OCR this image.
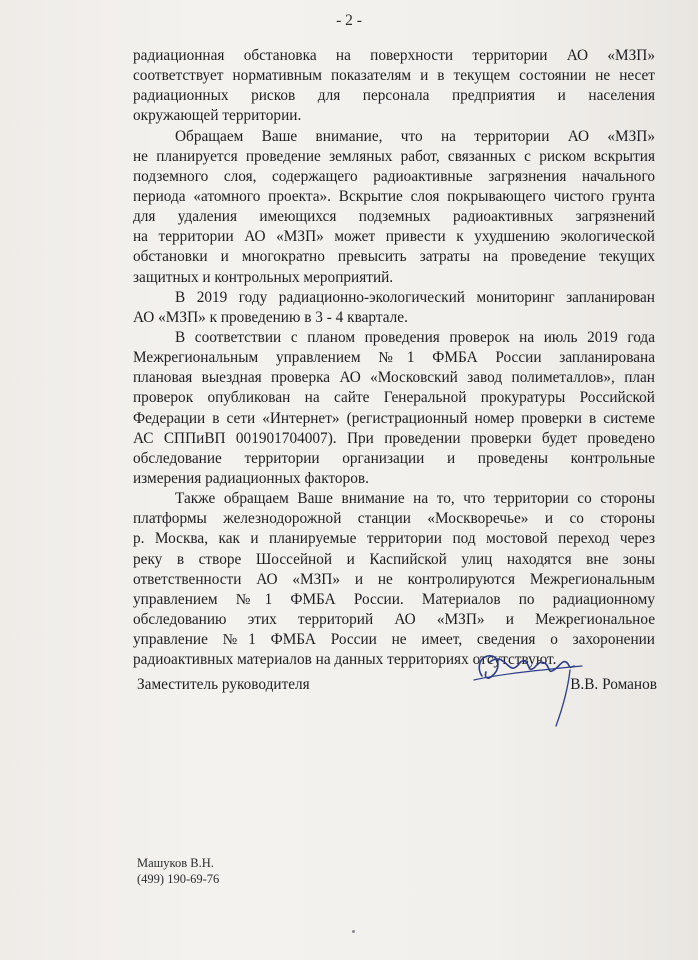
- 2 -
радиационная обстановка на поверхности территории АО «МЗП»
соответствует нормативным показателям и в текущем состоянии не несет
радиационных рисков для персонала предприятия и населения
окружающей территории.
Обращаем Ваше внимание, что на территории АО «МЗП»
не планируется проведение земляных работ, связанных с риском вскрытия
подземного слоя, содержащего радиоактивные загрязнения начального
периода «атомного проекта». Вскрытие слоя покрывающего чистого грунта
для удаления имеющихся подземных радиоактивных загрязнений
на территории АО «МЗП» может привести к ухудшению экологической
обстановки и многократно превысить затраты на проведение текущих
защитных и контрольных мероприятий.
В 2019 году радиационно-экологический мониторинг запланирован
АО «МЗП» к проведению в 3 - 4 квартале.
В соответствии с планом проведения проверок на июль 2019 года
Межрегиональным управлением №1 ФМБА России запланирована
плановая выездная проверка АО «Московский завод полиметаллов», план
проверок опубликован на сайте Генеральной прокуратуры Российской
Федерации в сети «Интернет» (регистрационный номер проверки в системе
АС СППиВП 001901704007). При проведении проверки будет проведено
обследование территории организации и проведены контрольные
измерения радиационных факторов.
Также обращаем Ваше внимание на то, что территории со стороны
платформы железнодорожной станции «Москворечье» и со стороны
р. Москва, как и планируемые территории под мостовой переход через
реку в створе Шоссейной и Каспийской улиц находятся вне зоны
ответственности АО «МЗП» и не контролируются Межрегиональным
управлением №1 ФМБА России. Материалов по радиационному
обследованию этих территорий АО «МЗП» и Межрегиональное
управление №1 ФМБА России не имеет, сведения о захоронении
радиоактивных материалов на данных территориях отсутствуют.
Заместитель руководителя	В.В. Романов
Машуков В.Н.
(499) 190-69-76
